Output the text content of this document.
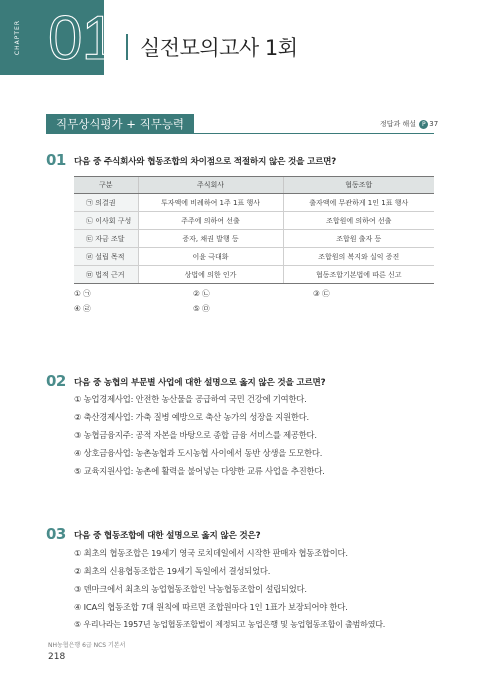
CHAPTER 01 실전모의고사 1회
직무상식평가 + 직무능력평가
정답과 해설 P 37
01 다음 중 주식회사와 협동조합의 차이점으로 적절하지 않은 것을 고르면?
구분	주식회사	협동조합
㉠ 의결권	투자액에 비례하여 1주 1표 행사	출자액에 무관하게 1인 1표 행사
㉡ 이사회 구성	주주에 의하여 선출	조합원에 의하여 선출
㉢ 자금 조달	증자, 채권 발행 등	조합원 출자 등
㉣ 설립 목적	이윤 극대화	조합원의 복지와 실익 증진
㉤ 법적 근거	상법에 의한 인가	협동조합기본법에 따른 신고
① ㉠	② ㉡	③ ㉢
④ ㉣	⑤ ㉤
02 다음 중 농협의 부문별 사업에 대한 설명으로 옳지 않은 것을 고르면?
① 농업경제사업: 안전한 농산물을 공급하여 국민 건강에 기여한다.
② 축산경제사업: 가축 질병 예방으로 축산 농가의 성장을 지원한다.
③ 농협금융지주: 공적 자본을 바탕으로 종합 금융 서비스를 제공한다.
④ 상호금융사업: 농촌농협과 도시농협 사이에서 동반 상생을 도모한다.
⑤ 교육지원사업: 농촌에 활력을 불어넣는 다양한 교류 사업을 추진한다.
03 다음 중 협동조합에 대한 설명으로 옳지 않은 것은?
① 최초의 협동조합은 19세기 영국 로치데일에서 시작한 판매자 협동조합이다.
② 최초의 신용협동조합은 19세기 독일에서 결성되었다.
③ 덴마크에서 최초의 농업협동조합인 낙농협동조합이 설립되었다.
④ ICA의 협동조합 7대 원칙에 따르면 조합원마다 1인 1표가 보장되어야 한다.
⑤ 우리나라는 1957년 농업협동조합법이 제정되고 농업은행 및 농업협동조합이 출범하였다.
NH농협은행 6급 NCS 기본서
218
